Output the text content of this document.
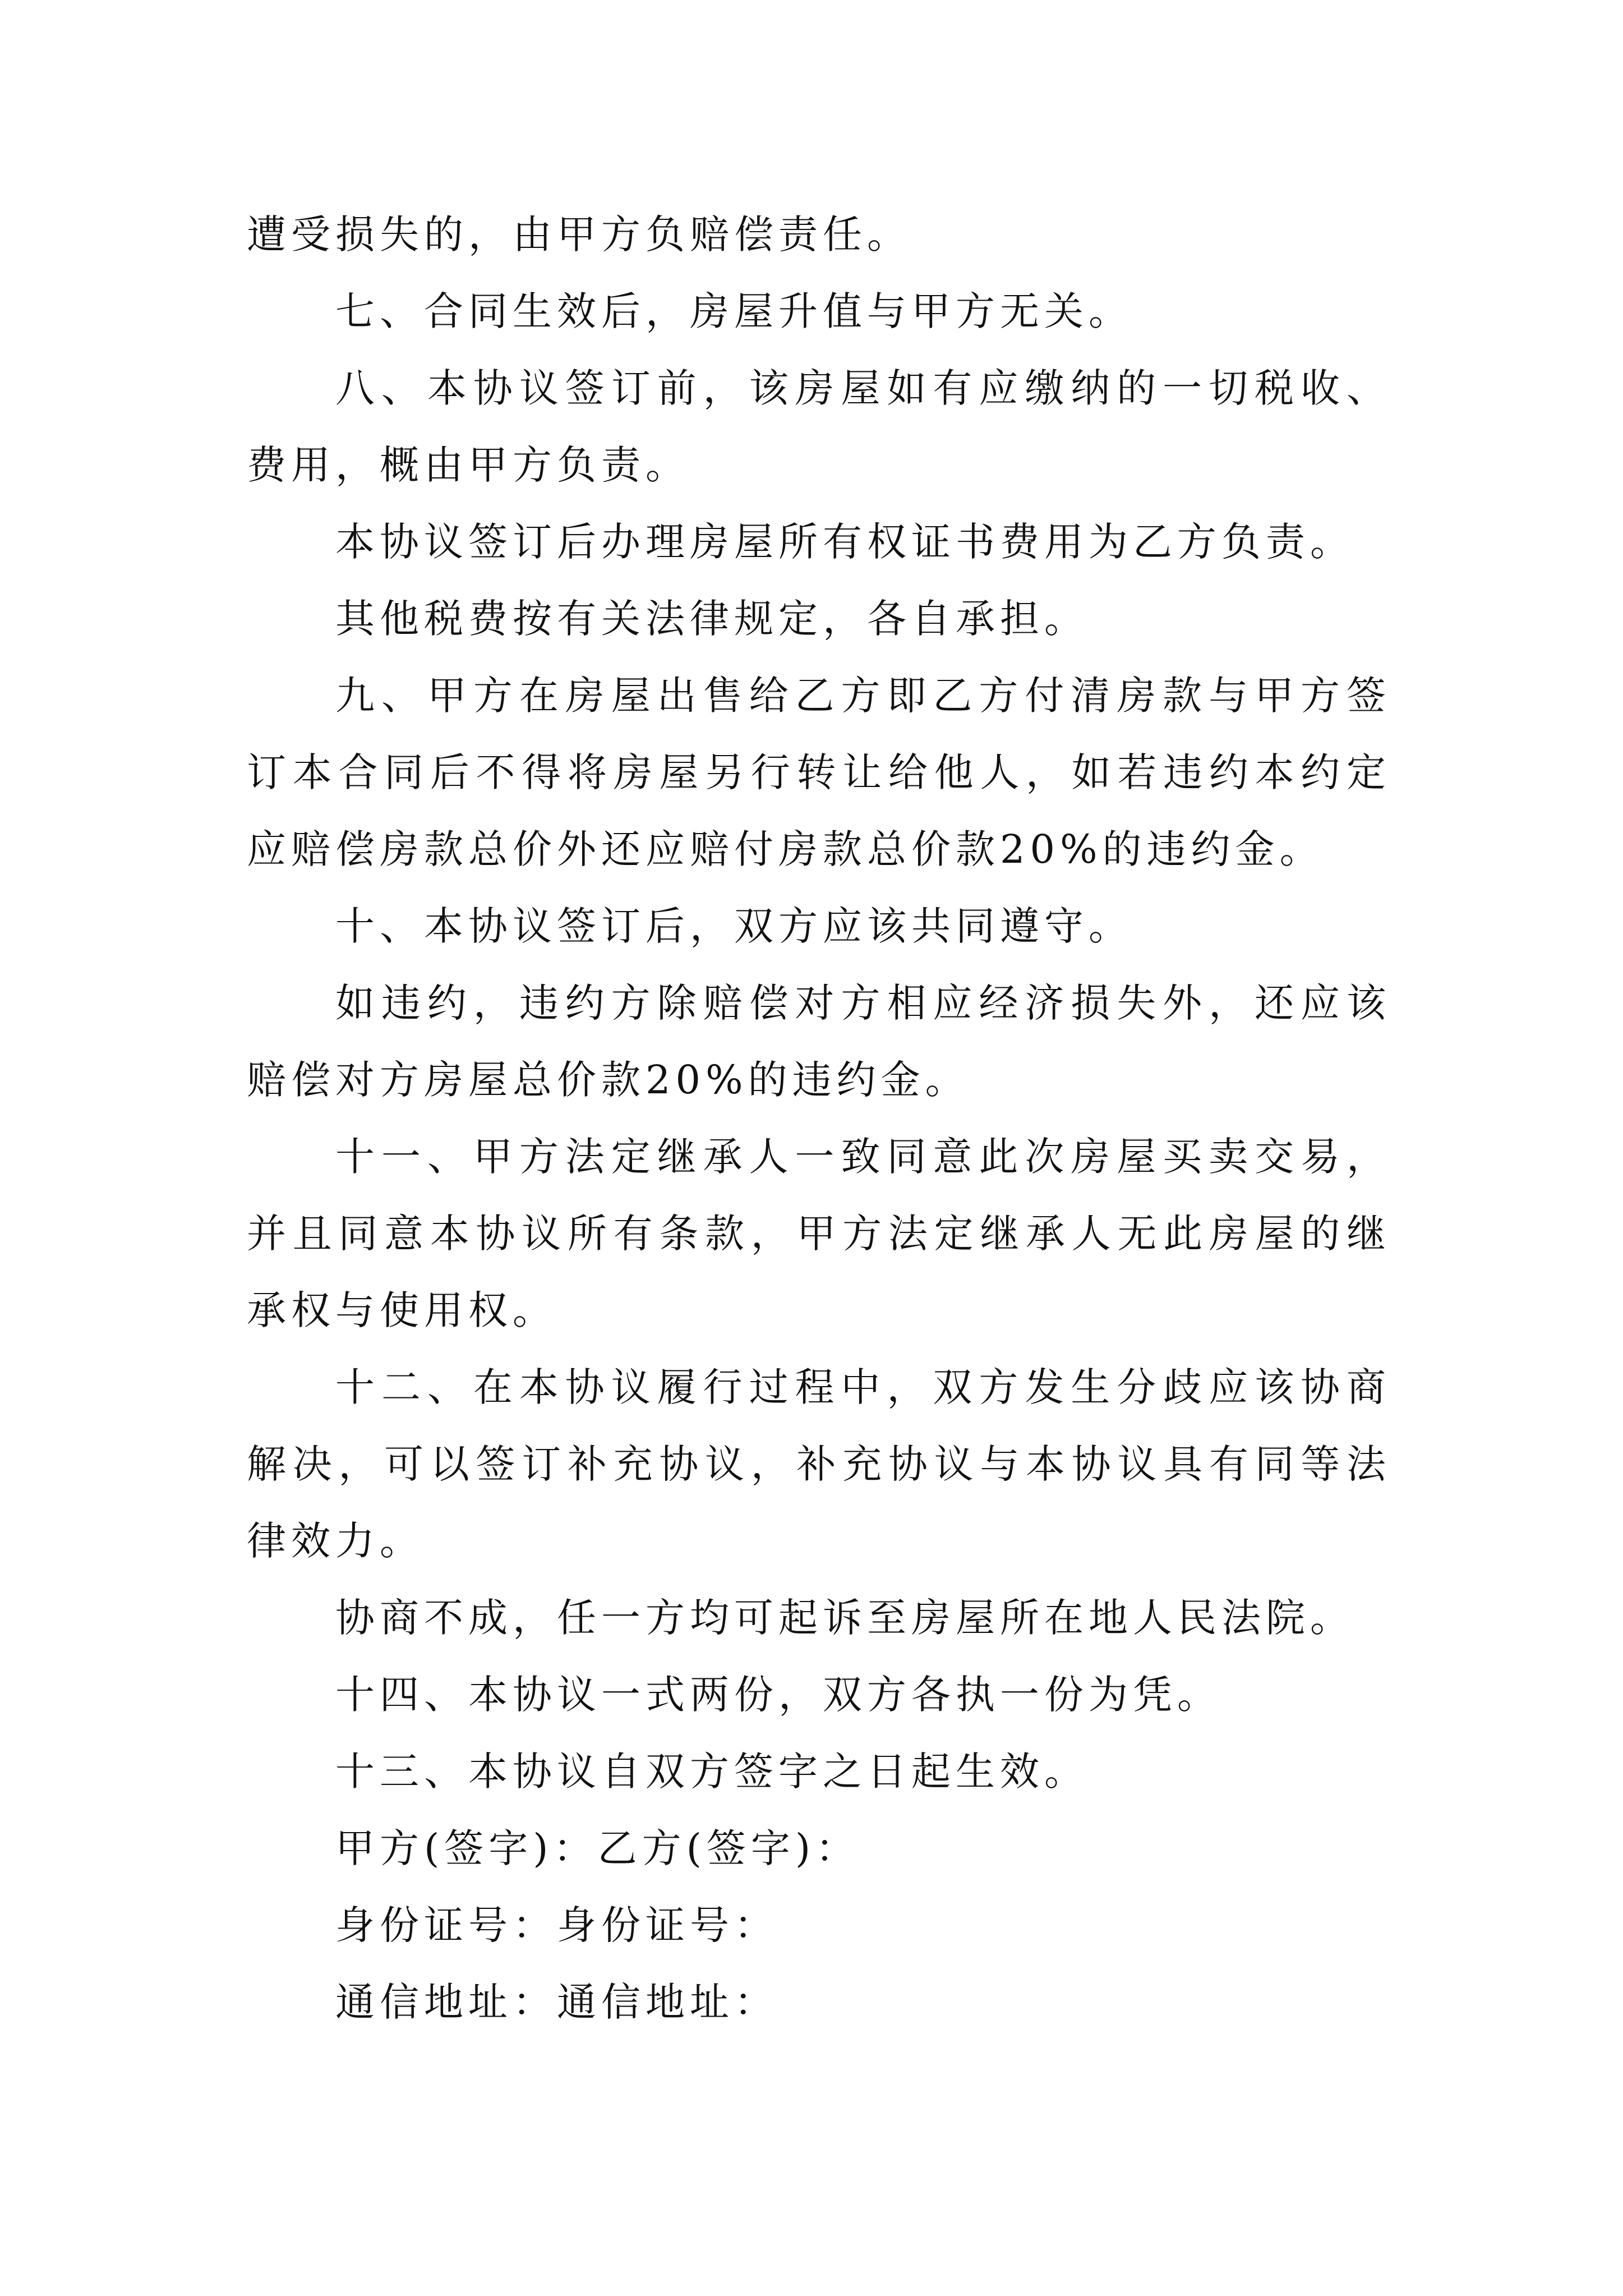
遭受损失的，由甲方负赔偿责任。

七、合同生效后，房屋升值与甲方无关。

八、本协议签订前，该房屋如有应缴纳的一切税收、费用，概由甲方负责。

本协议签订后办理房屋所有权证书费用为乙方负责。

其他税费按有关法律规定，各自承担。

九、甲方在房屋出售给乙方即乙方付清房款与甲方签订本合同后不得将房屋另行转让给他人，如若违约本约定应赔偿房款总价外还应赔付房款总价款20%的违约金。

十、本协议签订后，双方应该共同遵守。

如违约，违约方除赔偿对方相应经济损失外，还应该赔偿对方房屋总价款20%的违约金。

十一、甲方法定继承人一致同意此次房屋买卖交易，并且同意本协议所有条款，甲方法定继承人无此房屋的继承权与使用权。

十二、在本协议履行过程中，双方发生分歧应该协商解决，可以签订补充协议，补充协议与本协议具有同等法律效力。

协商不成，任一方均可起诉至房屋所在地人民法院。

十四、本协议一式两份，双方各执一份为凭。

十三、本协议自双方签字之日起生效。

甲方(签字)：乙方(签字)：

身份证号：身份证号：

通信地址：通信地址：
